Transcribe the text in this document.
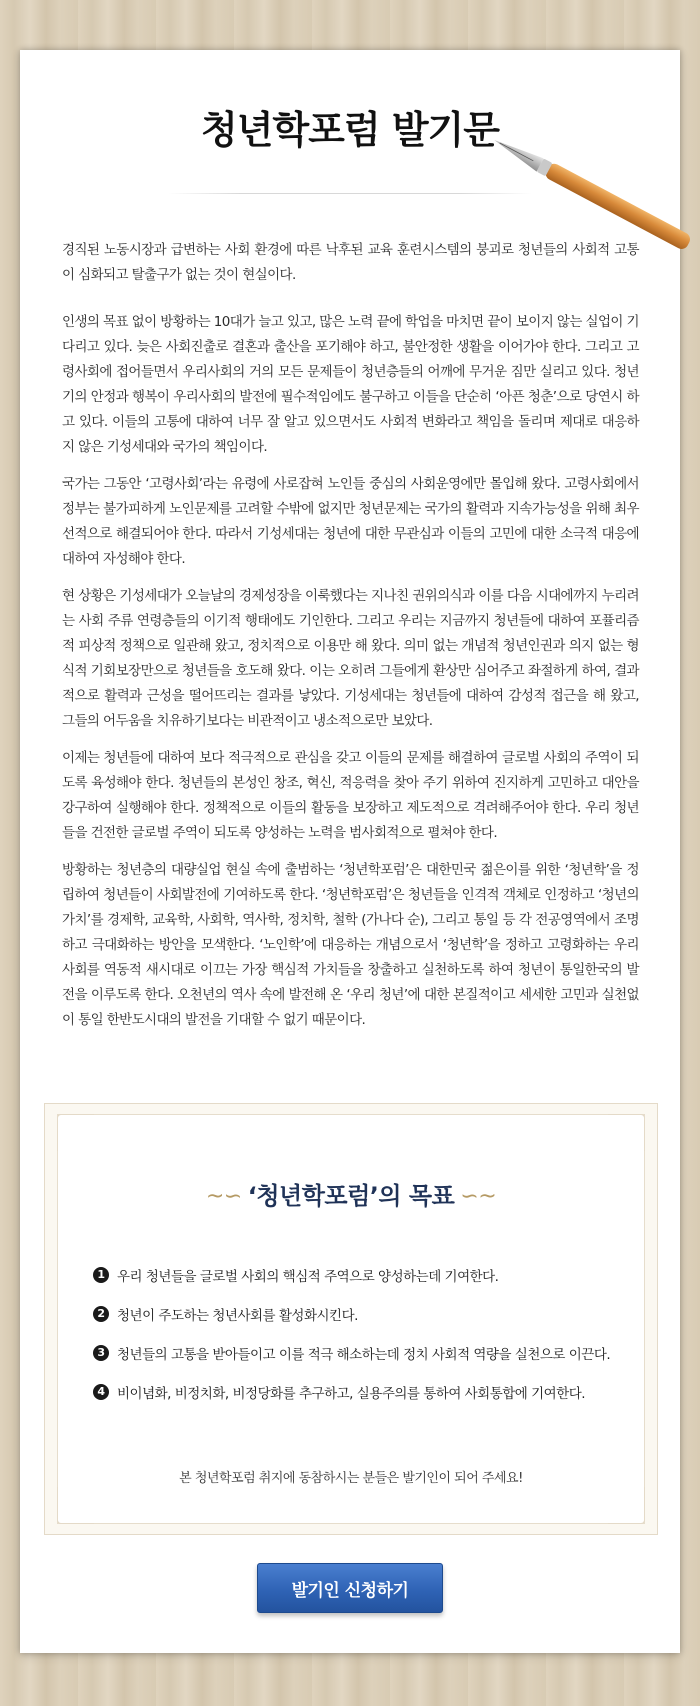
청년학포럼 발기문

경직된 노동시장과 급변하는 사회 환경에 따른 낙후된 교육 훈련시스템의 붕괴로 청년들의 사회적 고통이 심화되고 탈출구가 없는 것이 현실이다.

인생의 목표 없이 방황하는 10대가 늘고 있고, 많은 노력 끝에 학업을 마치면 끝이 보이지 않는 실업이 기다리고 있다. 늦은 사회진출로 결혼과 출산을 포기해야 하고, 불안정한 생활을 이어가야 한다. 그리고 고령사회에 접어들면서 우리사회의 거의 모든 문제들이 청년층들의 어깨에 무거운 짐만 실리고 있다. 청년기의 안정과 행복이 우리사회의 발전에 필수적임에도 불구하고 이들을 단순히 ‘아픈 청춘’으로 당연시 하고 있다. 이들의 고통에 대하여 너무 잘 알고 있으면서도 사회적 변화라고 책임을 돌리며 제대로 대응하지 않은 기성세대와 국가의 책임이다.

국가는 그동안 ‘고령사회’라는 유령에 사로잡혀 노인들 중심의 사회운영에만 몰입해 왔다. 고령사회에서 정부는 불가피하게 노인문제를 고려할 수밖에 없지만 청년문제는 국가의 활력과 지속가능성을 위해 최우선적으로 해결되어야 한다. 따라서 기성세대는 청년에 대한 무관심과 이들의 고민에 대한 소극적 대응에 대하여 자성해야 한다.

현 상황은 기성세대가 오늘날의 경제성장을 이룩했다는 지나친 권위의식과 이를 다음 시대에까지 누리려는 사회 주류 연령층들의 이기적 행태에도 기인한다. 그리고 우리는 지금까지 청년들에 대하여 포퓰리즘적 피상적 정책으로 일관해 왔고, 정치적으로 이용만 해 왔다. 의미 없는 개념적 청년인권과 의지 없는 형식적 기회보장만으로 청년들을 호도해 왔다. 이는 오히려 그들에게 환상만 심어주고 좌절하게 하여, 결과적으로 활력과 근성을 떨어뜨리는 결과를 낳았다. 기성세대는 청년들에 대하여 감성적 접근을 해 왔고, 그들의 어두움을 치유하기보다는 비관적이고 냉소적으로만 보았다.

이제는 청년들에 대하여 보다 적극적으로 관심을 갖고 이들의 문제를 해결하여 글로벌 사회의 주역이 되도록 육성해야 한다. 청년들의 본성인 창조, 혁신, 적응력을 찾아 주기 위하여 진지하게 고민하고 대안을 강구하여 실행해야 한다. 정책적으로 이들의 활동을 보장하고 제도적으로 격려해주어야 한다. 우리 청년들을 건전한 글로벌 주역이 되도록 양성하는 노력을 범사회적으로 펼쳐야 한다.

방황하는 청년층의 대량실업 현실 속에 출범하는 ‘청년학포럼’은 대한민국 젊은이를 위한 ‘청년학’을 정립하여 청년들이 사회발전에 기여하도록 한다. ‘청년학포럼’은 청년들을 인격적 객체로 인정하고 ‘청년의 가치’를 경제학, 교육학, 사회학, 역사학, 정치학, 철학 (가나다 순), 그리고 통일 등 각 전공영역에서 조명하고 극대화하는 방안을 모색한다. ‘노인학’에 대응하는 개념으로서 ‘청년학’을 정하고 고령화하는 우리사회를 역동적 새시대로 이끄는 가장 핵심적 가치들을 창출하고 실천하도록 하여 청년이 통일한국의 발전을 이루도록 한다. 오천년의 역사 속에 발전해 온 ‘우리 청년’에 대한 본질적이고 세세한 고민과 실천없이 통일 한반도시대의 발전을 기대할 수 없기 때문이다.

~∽ ‘청년학포럼’의 목표 ∽~
1 우리 청년들을 글로벌 사회의 핵심적 주역으로 양성하는데 기여한다.
2 청년이 주도하는 청년사회를 활성화시킨다.
3 청년들의 고통을 받아들이고 이를 적극 해소하는데 정치 사회적 역량을 실천으로 이끈다.
4 비이념화, 비정치화, 비정당화를 추구하고, 실용주의를 통하여 사회통합에 기여한다.
본 청년학포럼 취지에 동참하시는 분들은 발기인이 되어 주세요!
발기인 신청하기
